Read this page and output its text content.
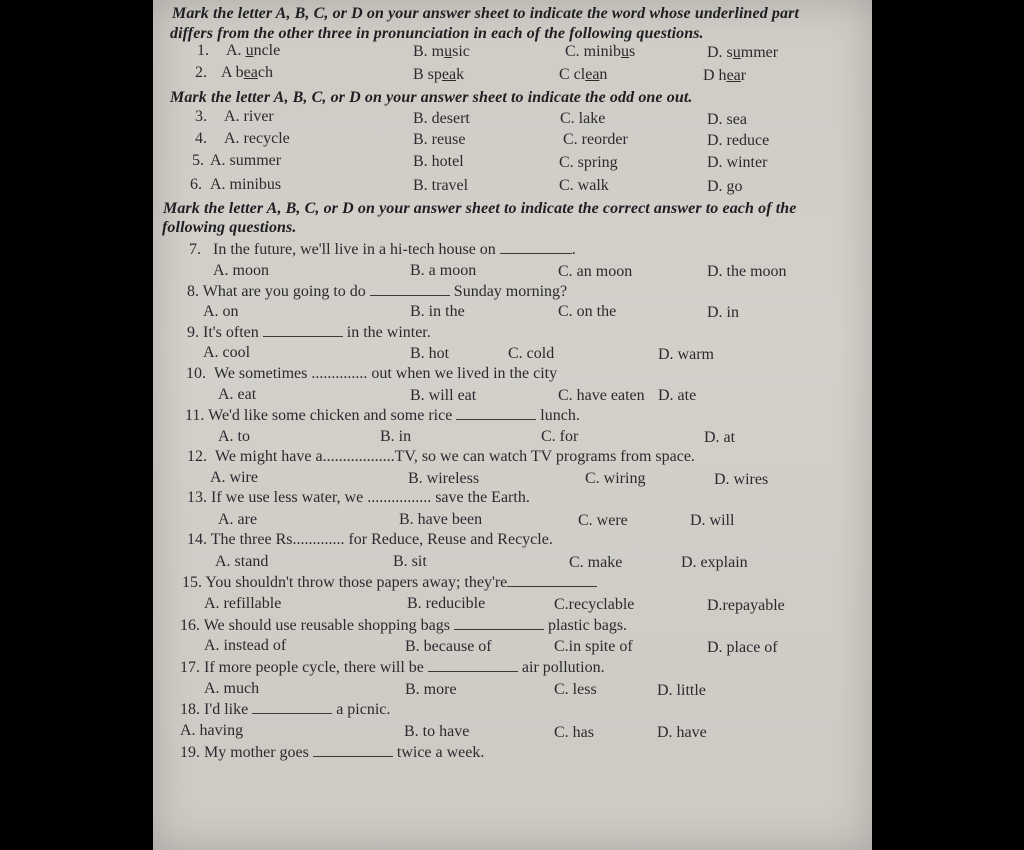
Mark the letter A, B, C, or D on your answer sheet to indicate the word whose underlined part
differs from the other three in pronunciation in each of the following questions.
1. A. uncle	B. music	C. minibus	D. summer
2. A beach	B speak	C clean	D hear
Mark the letter A, B, C, or D on your answer sheet to indicate the odd one out.
3. A. river	B. desert	C. lake	D. sea
4. A. recycle	B. reuse	C. reorder	D. reduce
5. A. summer	B. hotel	C. spring	D. winter
6. A. minibus	B. travel	C. walk	D. go
Mark the letter A, B, C, or D on your answer sheet to indicate the correct answer to each of the
following questions.
7. In the future, we'll live in a hi-tech house on	.
A. moon	B. a moon	C. an moon	D. the moon
8. What are you going to do	Sunday morning?
A. on	B. in the	C. on the	D. in
9. It's often	in the winter.
A. cool	B. hot	C. cold	D. warm
10. We sometimes .............. out when we lived in the city
A. eat	B. will eat	C. have eaten D. ate
11. We'd like some chicken and some rice	lunch.
A. to	B. in	C. for	D. at
12. We might have a..................TV, so we can watch TV programs from space.
A. wire	B. wireless	C. wiring	D. wires
13. If we use less water, we ................ save the Earth.
A. are	B. have been	C. were	D. will
14. The three Rs............. for Reduce, Reuse and Recycle.
A. stand	B. sit	C. make	D. explain
15. You shouldn't throw those papers away; they're
A. refillable	B. reducible	C.recyclable	D.repayable
16. We should use reusable shopping bags	plastic bags.
A. instead of	B. because of	C.in spite of	D. place of
17. If more people cycle, there will be	air pollution.
A. much	B. more	C. less	D. little
18. I'd like	a picnic.
A. having	B. to have	C. has	D. have
19. My mother goes	twice a week.
